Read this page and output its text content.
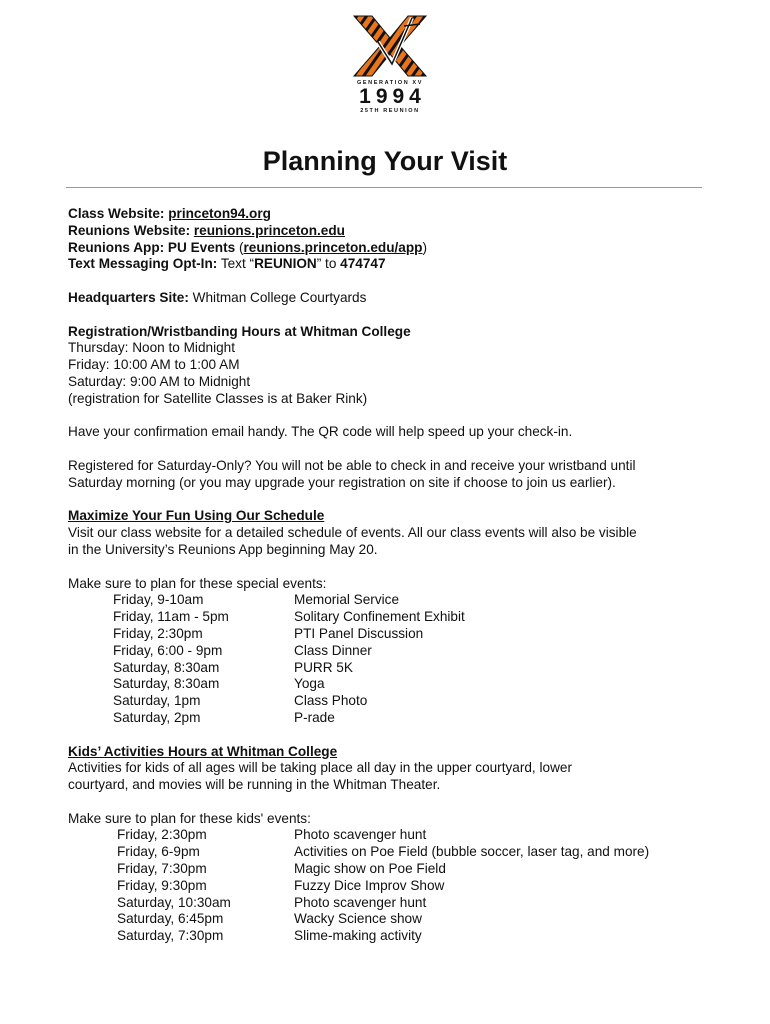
GENERATION XV
1994
25TH REUNION
Planning Your Visit

Class Website: princeton94.org

Reunions Website: reunions.princeton.edu

Reunions App: PU Events (reunions.princeton.edu/app)

Text Messaging Opt-In: Text “REUNION” to 474747

Headquarters Site: Whitman College Courtyards

Registration/Wristbanding Hours at Whitman College

Thursday: Noon to Midnight

Friday: 10:00 AM to 1:00 AM

Saturday: 9:00 AM to Midnight

(registration for Satellite Classes is at Baker Rink)

Have your confirmation email handy. The QR code will help speed up your check-in.

Registered for Saturday-Only? You will not be able to check in and receive your wristband until

Saturday morning (or you may upgrade your registration on site if choose to join us earlier).

Maximize Your Fun Using Our Schedule

Visit our class website for a detailed schedule of events. All our class events will also be visible

in the University’s Reunions App beginning May 20.

Make sure to plan for these special events:

Friday, 9-10am	Memorial Service
Friday, 11am - 5pm	Solitary Confinement Exhibit
Friday, 2:30pm	PTI Panel Discussion
Friday, 6:00 - 9pm	Class Dinner
Saturday, 8:30am	PURR 5K
Saturday, 8:30am	Yoga
Saturday, 1pm	Class Photo
Saturday, 2pm	P-rade

Kids’ Activities Hours at Whitman College

Activities for kids of all ages will be taking place all day in the upper courtyard, lower

courtyard, and movies will be running in the Whitman Theater.

Make sure to plan for these kids' events:

Friday, 2:30pm	Photo scavenger hunt
Friday, 6-9pm	Activities on Poe Field (bubble soccer, laser tag, and more)
Friday, 7:30pm	Magic show on Poe Field
Friday, 9:30pm	Fuzzy Dice Improv Show
Saturday, 10:30am	Photo scavenger hunt
Saturday, 6:45pm	Wacky Science show
Saturday, 7:30pm	Slime-making activity
